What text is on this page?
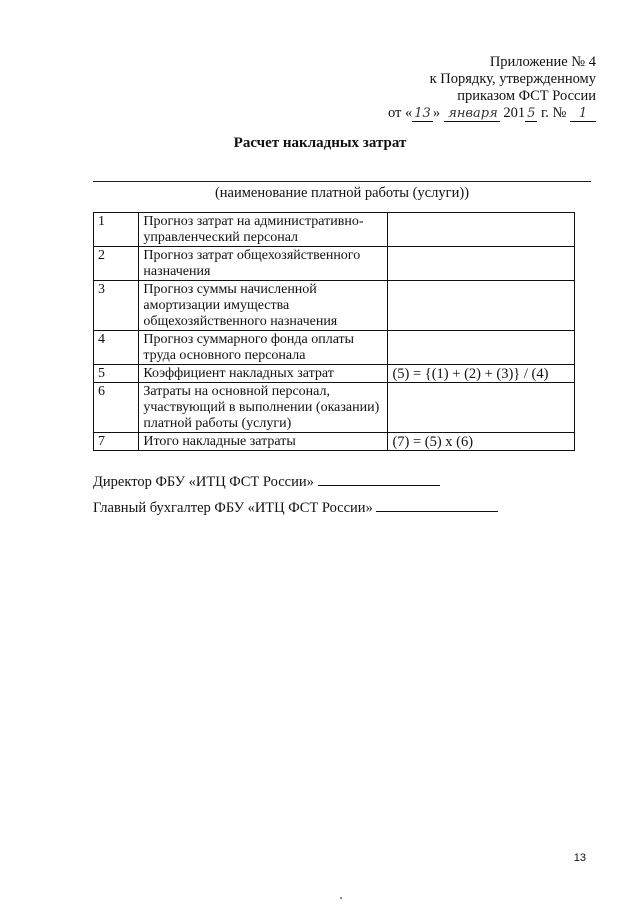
Приложение № 4
к Порядку, утвержденному
приказом ФСТ России
от « 13 » января 201 5 г. № 1
Расчет накладных затрат
(наименование платной работы (услуги))
1	Прогноз затрат на административно-управленческий персонал	
2	Прогноз затрат общехозяйственного назначения	
3	Прогноз суммы начисленной амортизации имущества общехозяйственного назначения	
4	Прогноз суммарного фонда оплаты труда основного персонала	
5	Коэффициент накладных затрат	(5) = {(1) + (2) + (3)} / (4)
6	Затраты на основной персонал, участвующий в выполнении (оказании) платной работы (услуги)	
7	Итого накладные затраты	(7) = (5) x (6)
Директор ФБУ «ИТЦ ФСТ России»
Главный бухгалтер ФБУ «ИТЦ ФСТ России»
13
